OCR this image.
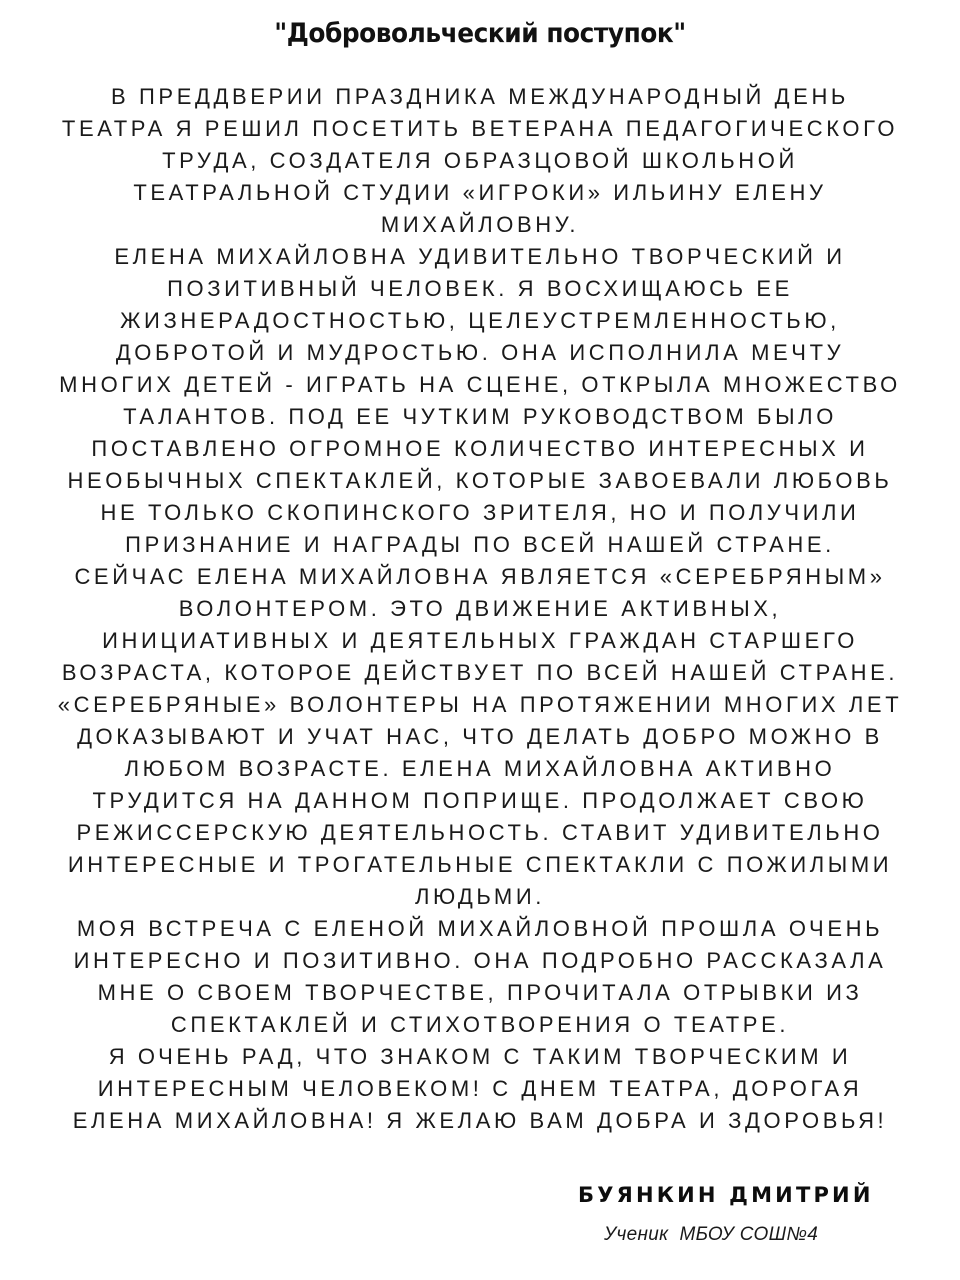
"Добровольческий поступок"
В ПРЕДДВЕРИИ ПРАЗДНИКА МЕЖДУНАРОДНЫЙ ДЕНЬ
ТЕАТРА Я РЕШИЛ ПОСЕТИТЬ ВЕТЕРАНА ПЕДАГОГИЧЕСКОГО
ТРУДА, СОЗДАТЕЛЯ ОБРАЗЦОВОЙ ШКОЛЬНОЙ
ТЕАТРАЛЬНОЙ СТУДИИ «ИГРОКИ» ИЛЬИНУ ЕЛЕНУ
МИХАЙЛОВНУ.
ЕЛЕНА МИХАЙЛОВНА УДИВИТЕЛЬНО ТВОРЧЕСКИЙ И
ПОЗИТИВНЫЙ ЧЕЛОВЕК. Я ВОСХИЩАЮСЬ ЕЕ
ЖИЗНЕРАДОСТНОСТЬЮ, ЦЕЛЕУСТРЕМЛЕННОСТЬЮ,
ДОБРОТОЙ И МУДРОСТЬЮ. ОНА ИСПОЛНИЛА МЕЧТУ
МНОГИХ ДЕТЕЙ - ИГРАТЬ НА СЦЕНЕ, ОТКРЫЛА МНОЖЕСТВО
ТАЛАНТОВ. ПОД ЕЕ ЧУТКИМ РУКОВОДСТВОМ БЫЛО
ПОСТАВЛЕНО ОГРОМНОЕ КОЛИЧЕСТВО ИНТЕРЕСНЫХ И
НЕОБЫЧНЫХ СПЕКТАКЛЕЙ, КОТОРЫЕ ЗАВОЕВАЛИ ЛЮБОВЬ
НЕ ТОЛЬКО СКОПИНСКОГО ЗРИТЕЛЯ, НО И ПОЛУЧИЛИ
ПРИЗНАНИЕ И НАГРАДЫ ПО ВСЕЙ НАШЕЙ СТРАНЕ.
СЕЙЧАС ЕЛЕНА МИХАЙЛОВНА ЯВЛЯЕТСЯ «СЕРЕБРЯНЫМ»
ВОЛОНТЕРОМ. ЭТО ДВИЖЕНИЕ АКТИВНЫХ,
ИНИЦИАТИВНЫХ И ДЕЯТЕЛЬНЫХ ГРАЖДАН СТАРШЕГО
ВОЗРАСТА, КОТОРОЕ ДЕЙСТВУЕТ ПО ВСЕЙ НАШЕЙ СТРАНЕ.
«СЕРЕБРЯНЫЕ» ВОЛОНТЕРЫ НА ПРОТЯЖЕНИИ МНОГИХ ЛЕТ
ДОКАЗЫВАЮТ И УЧАТ НАС, ЧТО ДЕЛАТЬ ДОБРО МОЖНО В
ЛЮБОМ ВОЗРАСТЕ. ЕЛЕНА МИХАЙЛОВНА АКТИВНО
ТРУДИТСЯ НА ДАННОМ ПОПРИЩЕ. ПРОДОЛЖАЕТ СВОЮ
РЕЖИССЕРСКУЮ ДЕЯТЕЛЬНОСТЬ. СТАВИТ УДИВИТЕЛЬНО
ИНТЕРЕСНЫЕ И ТРОГАТЕЛЬНЫЕ СПЕКТАКЛИ С ПОЖИЛЫМИ
ЛЮДЬМИ.
МОЯ ВСТРЕЧА С ЕЛЕНОЙ МИХАЙЛОВНОЙ ПРОШЛА ОЧЕНЬ
ИНТЕРЕСНО И ПОЗИТИВНО. ОНА ПОДРОБНО РАССКАЗАЛА
МНЕ О СВОЕМ ТВОРЧЕСТВЕ, ПРОЧИТАЛА ОТРЫВКИ ИЗ
СПЕКТАКЛЕЙ И СТИХОТВОРЕНИЯ О ТЕАТРЕ.
Я ОЧЕНЬ РАД, ЧТО ЗНАКОМ С ТАКИМ ТВОРЧЕСКИМ И
ИНТЕРЕСНЫМ ЧЕЛОВЕКОМ! С ДНЕМ ТЕАТРА, ДОРОГАЯ
ЕЛЕНА МИХАЙЛОВНА! Я ЖЕЛАЮ ВАМ ДОБРА И ЗДОРОВЬЯ!
БУЯНКИН ДМИТРИЙ
Ученик  МБОУ СОШ№4
